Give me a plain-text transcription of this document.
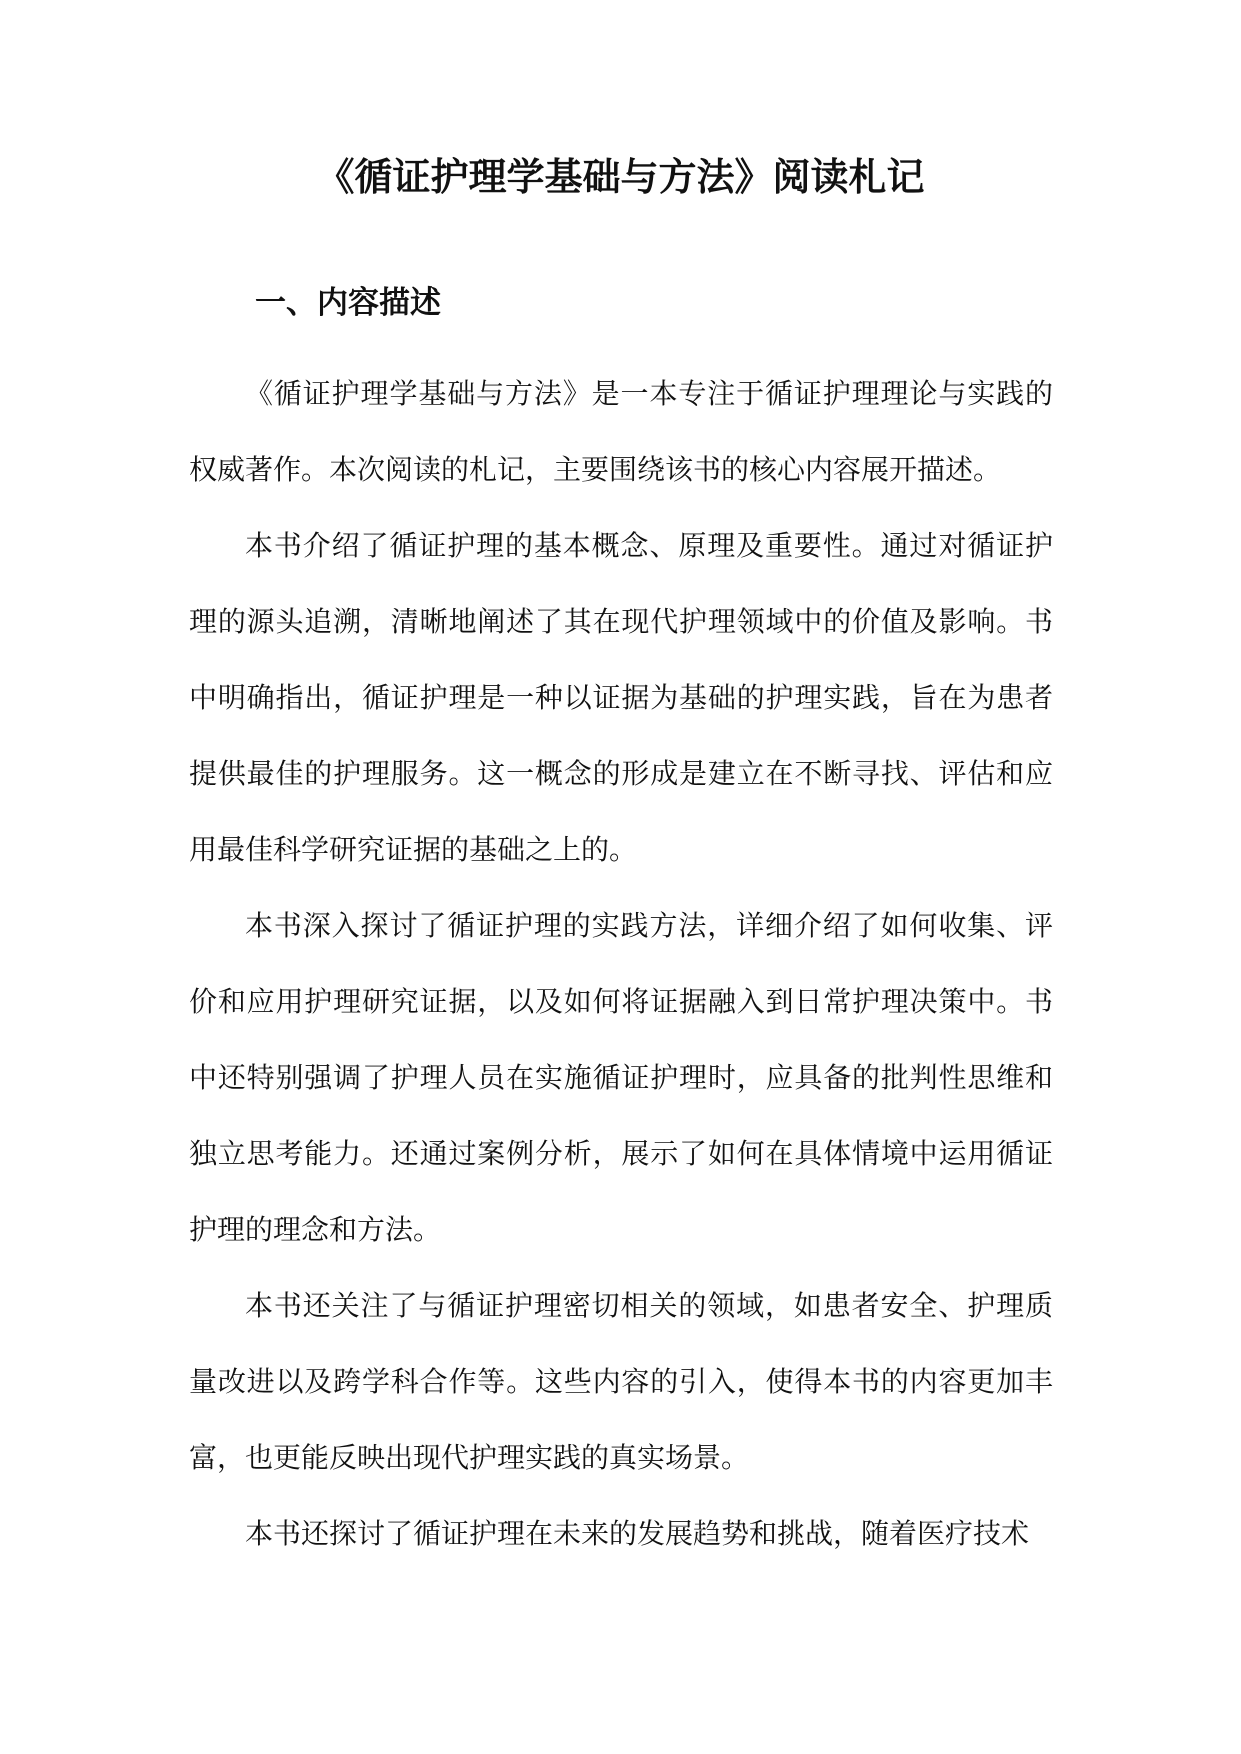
《循证护理学基础与方法》阅读札记
一、内容描述

《循证护理学基础与方法》是一本专注于循证护理理论与实践的权威著作。本次阅读的札记，主要围绕该书的核心内容展开描述。

本书介绍了循证护理的基本概念、原理及重要性。通过对循证护理的源头追溯，清晰地阐述了其在现代护理领域中的价值及影响。书中明确指出，循证护理是一种以证据为基础的护理实践，旨在为患者提供最佳的护理服务。这一概念的形成是建立在不断寻找、评估和应用最佳科学研究证据的基础之上的。

本书深入探讨了循证护理的实践方法，详细介绍了如何收集、评价和应用护理研究证据，以及如何将证据融入到日常护理决策中。书中还特别强调了护理人员在实施循证护理时，应具备的批判性思维和独立思考能力。还通过案例分析，展示了如何在具体情境中运用循证护理的理念和方法。

本书还关注了与循证护理密切相关的领域，如患者安全、护理质量改进以及跨学科合作等。这些内容的引入，使得本书的内容更加丰富，也更能反映出现代护理实践的真实场景。

本书还探讨了循证护理在未来的发展趋势和挑战，随着医疗技术
